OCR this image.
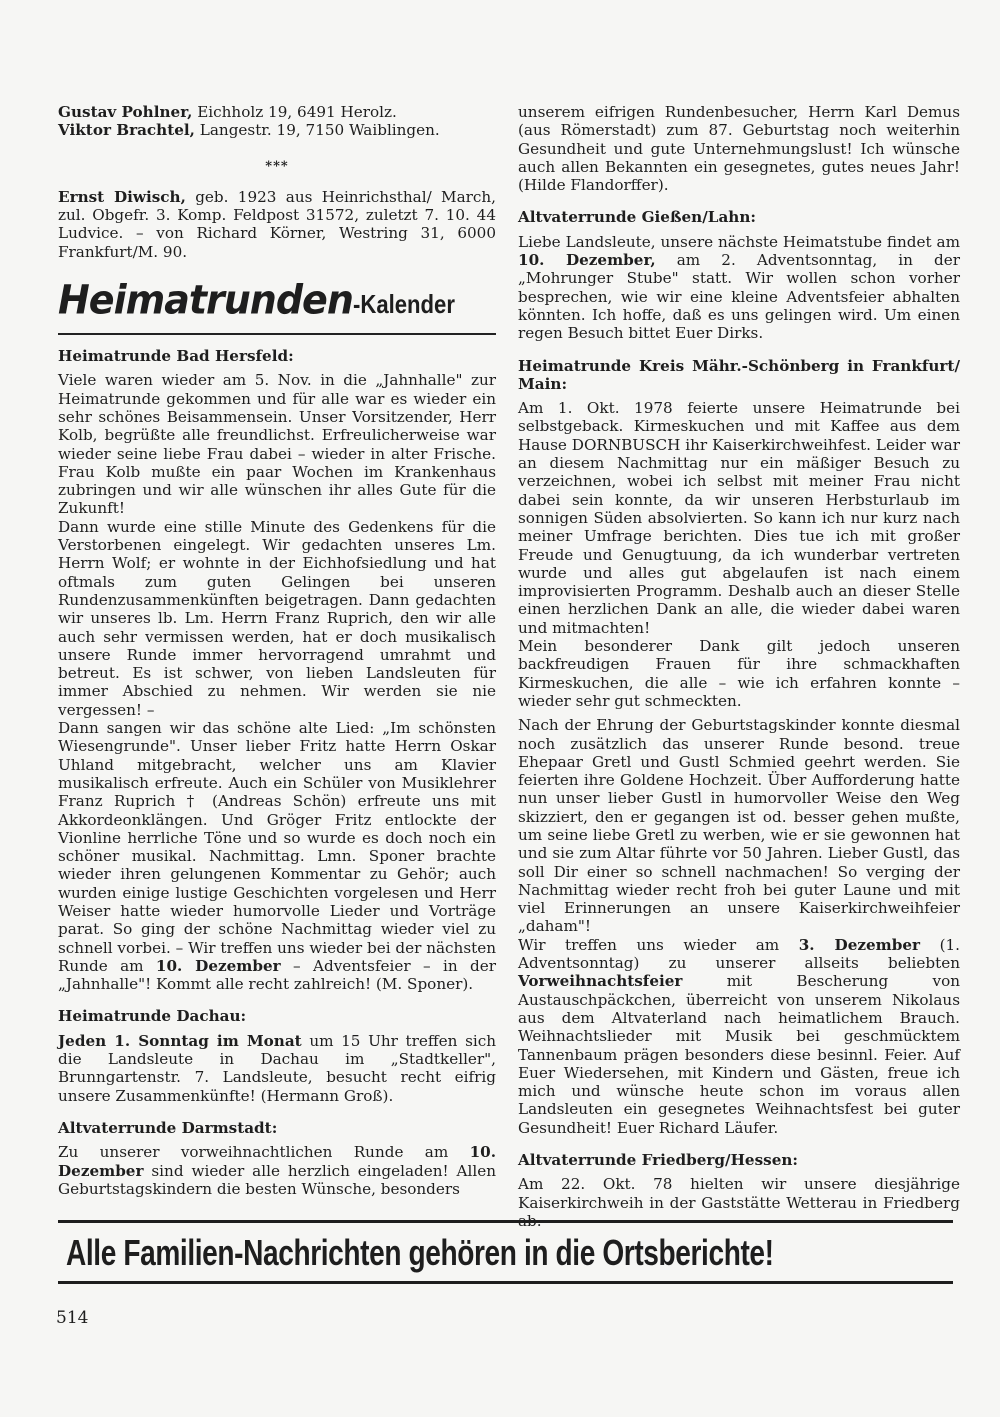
Gustav Pohlner, Eichholz 19, 6491 Herolz.

Viktor Brachtel, Langestr. 19, 7150 Waiblingen.

***

Ernst Diwisch, geb. 1923 aus Heinrichsthal/ March, zul. Obgefr. 3. Komp. Feldpost 31572, zuletzt 7. 10. 44 Ludvice. – von Richard Körner, Westring 31, 6000 Frankfurt/M. 90.

Heimatrunden-Kalender
Heimatrunde Bad Hersfeld:

Viele waren wieder am 5. Nov. in die „Jahnhalle" zur Heimatrunde gekommen und für alle war es wieder ein sehr schönes Beisammensein. Unser Vorsitzender, Herr Kolb, begrüßte alle freundlichst. Erfreulicherweise war wieder seine liebe Frau dabei – wieder in alter Frische. Frau Kolb mußte ein paar Wochen im Krankenhaus zubringen und wir alle wünschen ihr alles Gute für die Zukunft!

Dann wurde eine stille Minute des Gedenkens für die Verstorbenen eingelegt. Wir gedachten unseres Lm. Herrn Wolf; er wohnte in der Eichhofsiedlung und hat oftmals zum guten Gelingen bei unseren Rundenzusammenkünften beigetragen. Dann gedachten wir unseres lb. Lm. Herrn Franz Ruprich, den wir alle auch sehr vermissen werden, hat er doch musikalisch unsere Runde immer hervorragend umrahmt und betreut. Es ist schwer, von lieben Landsleuten für immer Abschied zu nehmen. Wir werden sie nie vergessen! –

Dann sangen wir das schöne alte Lied: „Im schönsten Wiesengrunde". Unser lieber Fritz hatte Herrn Oskar Uhland mitgebracht, welcher uns am Klavier musikalisch erfreute. Auch ein Schüler von Musiklehrer Franz Ruprich † (Andreas Schön) erfreute uns mit Akkordeonklängen. Und Gröger Fritz entlockte der Vionline herrliche Töne und so wurde es doch noch ein schöner musikal. Nachmittag. Lmn. Sponer brachte wieder ihren gelungenen Kommentar zu Gehör; auch wurden einige lustige Geschichten vorgelesen und Herr Weiser hatte wieder humorvolle Lieder und Vorträge parat. So ging der schöne Nachmittag wieder viel zu schnell vorbei. – Wir treffen uns wieder bei der nächsten Runde am 10. Dezember – Adventsfeier – in der „Jahnhalle"! Kommt alle recht zahlreich! (M. Sponer).

Heimatrunde Dachau:

Jeden 1. Sonntag im Monat um 15 Uhr treffen sich die Landsleute in Dachau im „Stadtkeller", Brunngartenstr. 7. Landsleute, besucht recht eifrig unsere Zusammenkünfte! (Hermann Groß).

Altvaterrunde Darmstadt:

Zu unserer vorweihnachtlichen Runde am 10. Dezember sind wieder alle herzlich eingeladen! Allen Geburtstagskindern die besten Wünsche, besonders

unserem eifrigen Rundenbesucher, Herrn Karl Demus (aus Römerstadt) zum 87. Geburtstag noch weiterhin Gesundheit und gute Unternehmungslust! Ich wünsche auch allen Bekannten ein gesegnetes, gutes neues Jahr! (Hilde Flandorffer).

Altvaterrunde Gießen/Lahn:

Liebe Landsleute, unsere nächste Heimatstube findet am 10. Dezember, am 2. Adventsonntag, in der „Mohrunger Stube" statt. Wir wollen schon vorher besprechen, wie wir eine kleine Adventsfeier abhalten könnten. Ich hoffe, daß es uns gelingen wird. Um einen regen Besuch bittet Euer Dirks.

Heimatrunde Kreis Mähr.-Schönberg in Frankfurt/ Main:

Am 1. Okt. 1978 feierte unsere Heimatrunde bei selbstgeback. Kirmeskuchen und mit Kaffee aus dem Hause DORNBUSCH ihr Kaiserkirchweihfest. Leider war an diesem Nachmittag nur ein mäßiger Besuch zu verzeichnen, wobei ich selbst mit meiner Frau nicht dabei sein konnte, da wir unseren Herbsturlaub im sonnigen Süden absolvierten. So kann ich nur kurz nach meiner Umfrage berichten. Dies tue ich mit großer Freude und Genugtuung, da ich wunderbar vertreten wurde und alles gut abgelaufen ist nach einem improvisierten Programm. Deshalb auch an dieser Stelle einen herzlichen Dank an alle, die wieder dabei waren und mitmachten!

Mein besonderer Dank gilt jedoch unseren backfreudigen Frauen für ihre schmackhaften Kirmeskuchen, die alle – wie ich erfahren konnte – wieder sehr gut schmeckten.

Nach der Ehrung der Geburtstagskinder konnte diesmal noch zusätzlich das unserer Runde besond. treue Ehepaar Gretl und Gustl Schmied geehrt werden. Sie feierten ihre Goldene Hochzeit. Über Aufforderung hatte nun unser lieber Gustl in humorvoller Weise den Weg skizziert, den er gegangen ist od. besser gehen mußte, um seine liebe Gretl zu werben, wie er sie gewonnen hat und sie zum Altar führte vor 50 Jahren. Lieber Gustl, das soll Dir einer so schnell nachmachen! So verging der Nachmittag wieder recht froh bei guter Laune und mit viel Erinnerungen an unsere Kaiserkirchweihfeier „daham"!

Wir treffen uns wieder am 3. Dezember (1. Adventsonntag) zu unserer allseits beliebten Vorweihnachtsfeier mit Bescherung von Austauschpäckchen, überreicht von unserem Nikolaus aus dem Altvaterland nach heimatlichem Brauch. Weihnachtslieder mit Musik bei geschmücktem Tannenbaum prägen besonders diese besinnl. Feier. Auf Euer Wiedersehen, mit Kindern und Gästen, freue ich mich und wünsche heute schon im voraus allen Landsleuten ein gesegnetes Weihnachtsfest bei guter Gesundheit! Euer Richard Läufer.

Altvaterrunde Friedberg/Hessen:

Am 22. Okt. 78 hielten wir unsere diesjährige Kaiserkirchweih in der Gaststätte Wetterau in Friedberg ab.

Alle Familien-Nachrichten gehören in die Ortsberichte!
514
